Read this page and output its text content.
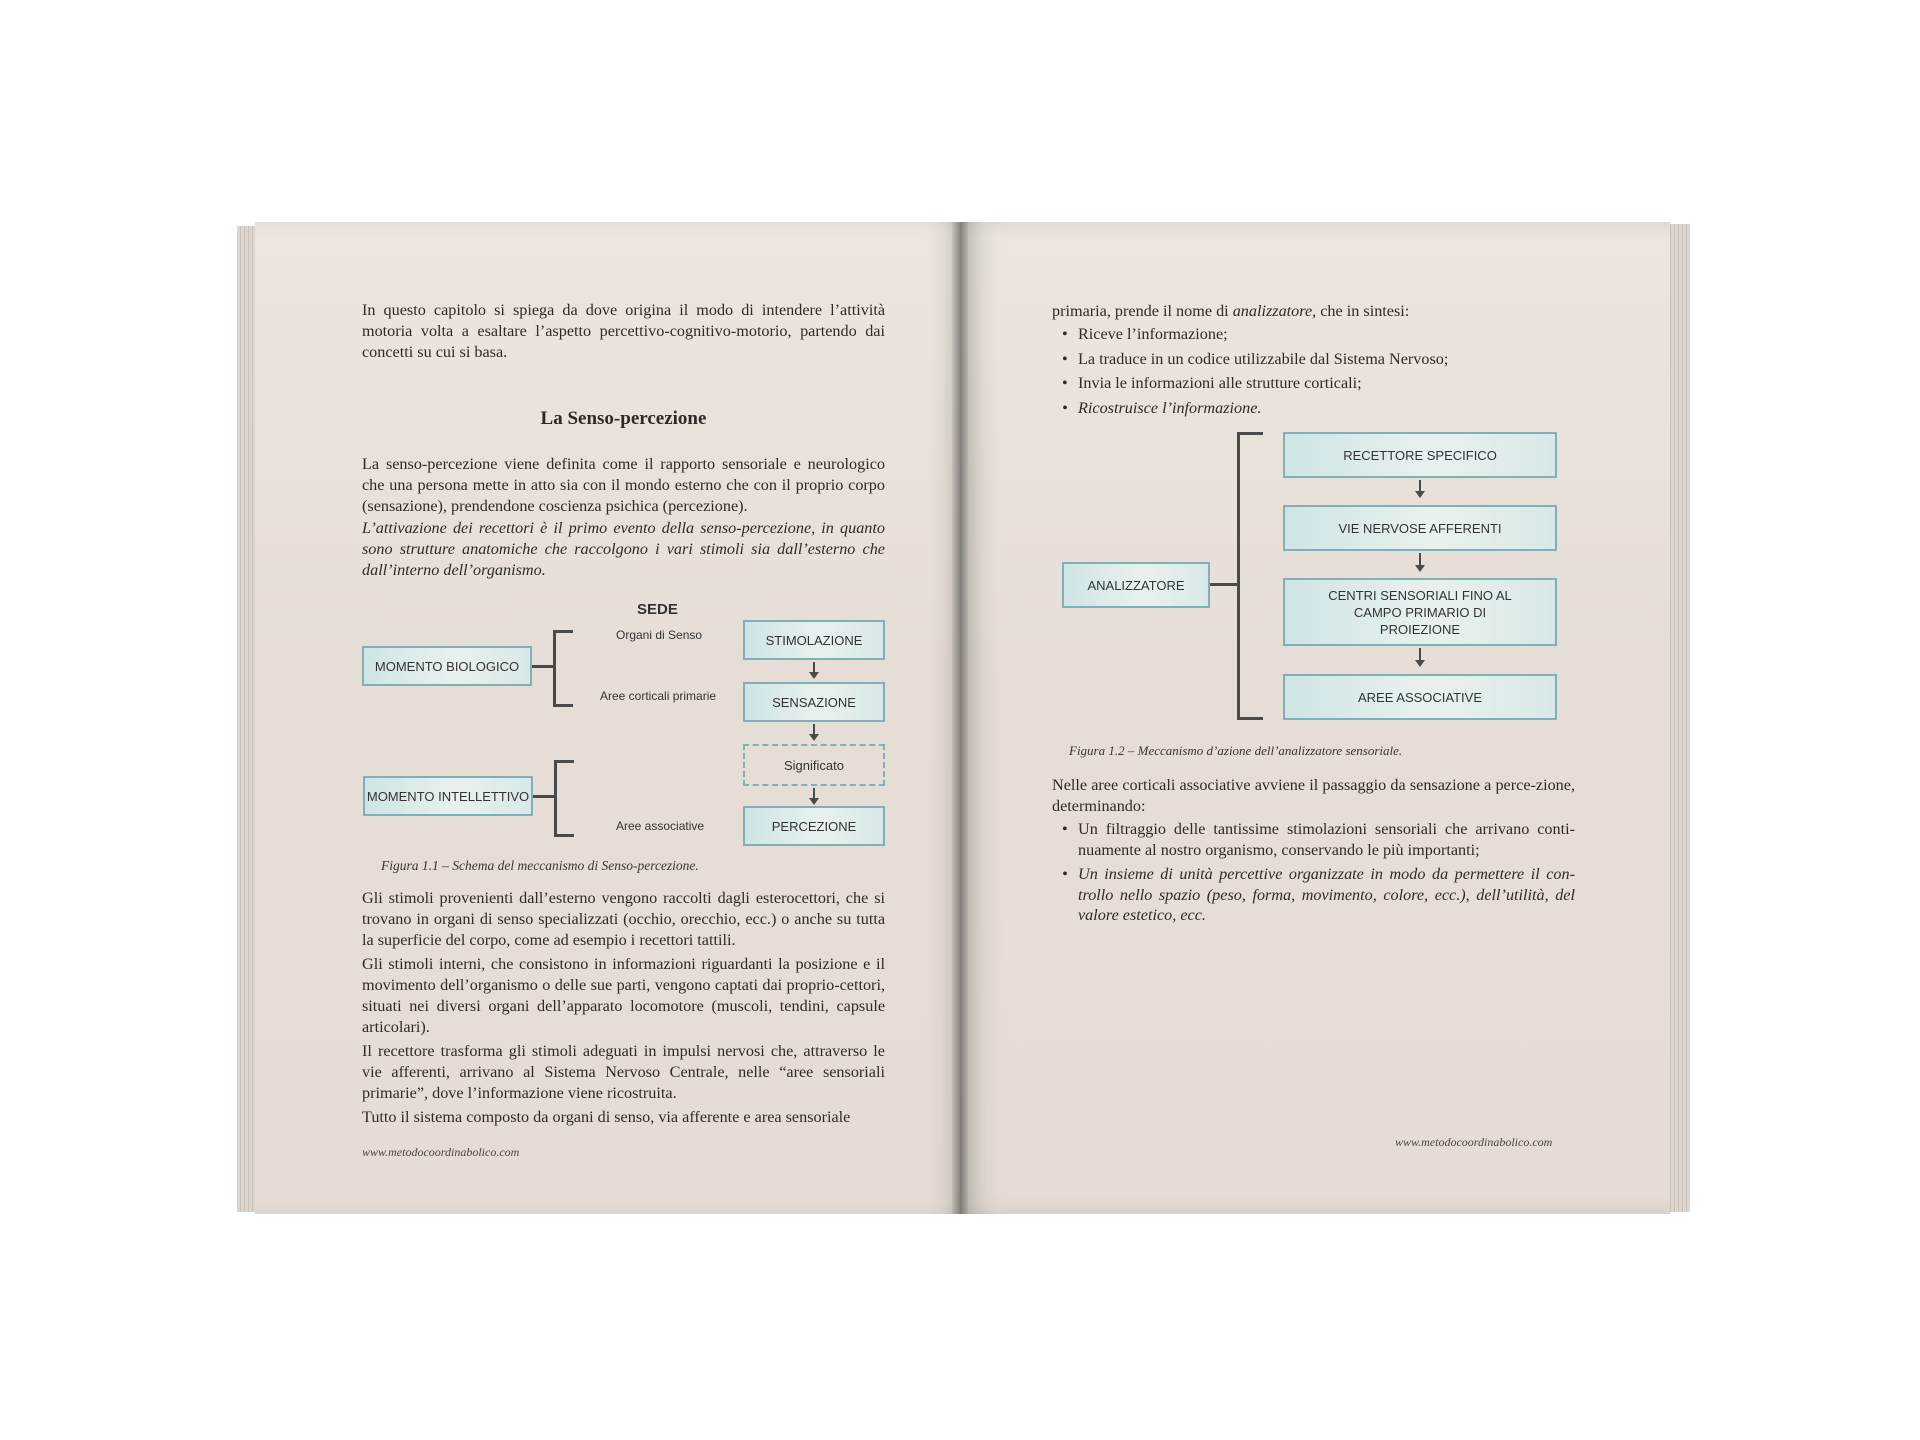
In questo capitolo si spiega da dove origina il modo di intendere l’attività motoria volta a esaltare l’aspetto percettivo-cognitivo-motorio, partendo dai concetti su cui si basa.

La Senso-percezione

La senso-percezione viene definita come il rapporto sensoriale e neurologico che una persona mette in atto sia con il mondo esterno che con il proprio corpo (sensazione), prendendone coscienza psichica (percezione).

L’attivazione dei recettori è il primo evento della senso-percezione, in quanto sono strutture anatomiche che raccolgono i vari stimoli sia dall’esterno che dall’interno dell’organismo.

SEDE
MOMENTO BIOLOGICO
MOMENTO INTELLETTIVO
Organi di Senso
Aree corticali primarie
Aree associative
STIMOLAZIONE
SENSAZIONE
Significato
PERCEZIONE

Figura 1.1 – Schema del meccanismo di Senso-percezione.

Gli stimoli provenienti dall’esterno vengono raccolti dagli esterocettori, che si trovano in organi di senso specializzati (occhio, orecchio, ecc.) o anche su tutta la superficie del corpo, come ad esempio i recettori tattili.

Gli stimoli interni, che consistono in informazioni riguardanti la posizione e il movimento dell’organismo o delle sue parti, vengono captati dai proprio-cettori, situati nei diversi organi dell’apparato locomotore (muscoli, tendini, capsule articolari).

Il recettore trasforma gli stimoli adeguati in impulsi nervosi che, attraverso le vie afferenti, arrivano al Sistema Nervoso Centrale, nelle “aree sensoriali primarie”, dove l’informazione viene ricostruita.

Tutto il sistema composto da organi di senso, via afferente e area sensoriale

www.metodocoordinabolico.com

primaria, prende il nome di analizzatore, che in sintesi:

• Riceve l’informazione;
• La traduce in un codice utilizzabile dal Sistema Nervoso;
• Invia le informazioni alle strutture corticali;
• Ricostruisce l’informazione.
ANALIZZATORE
RECETTORE SPECIFICO
VIE NERVOSE AFFERENTI
CENTRI SENSORIALI FINO AL CAMPO PRIMARIO DI PROIEZIONE
AREE ASSOCIATIVE

Figura 1.2 – Meccanismo d’azione dell’analizzatore sensoriale.

Nelle aree corticali associative avviene il passaggio da sensazione a perce-zione, determinando:

• Un filtraggio delle tantissime stimolazioni sensoriali che arrivano conti-nuamente al nostro organismo, conservando le più importanti;
• Un insieme di unità percettive organizzate in modo da permettere il con-trollo nello spazio (peso, forma, movimento, colore, ecc.), dell’utilità, del valore estetico, ecc.

www.metodocoordinabolico.com
